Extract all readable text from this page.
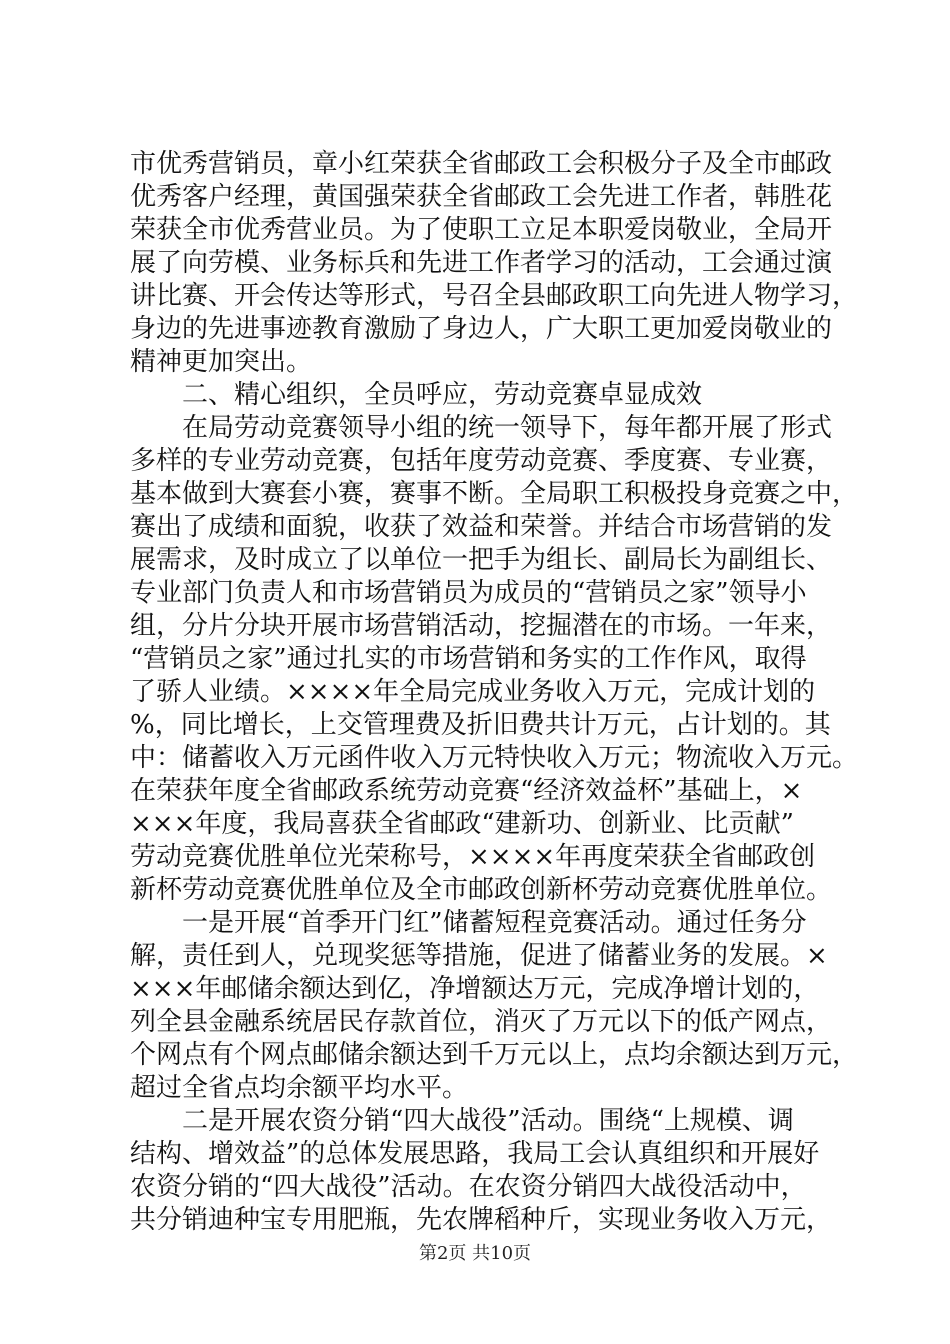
市优秀营销员，章小红荣获全省邮政工会积极分子及全市邮政
优秀客户经理，黄国强荣获全省邮政工会先进工作者，韩胜花
荣获全市优秀营业员。为了使职工立足本职爱岗敬业，全局开
展了向劳模、业务标兵和先进工作者学习的活动，工会通过演
讲比赛、开会传达等形式，号召全县邮政职工向先进人物学习，
身边的先进事迹教育激励了身边人，广大职工更加爱岗敬业的
精神更加突出。
　　二、精心组织，全员呼应，劳动竞赛卓显成效
　　在局劳动竞赛领导小组的统一领导下，每年都开展了形式
多样的专业劳动竞赛，包括年度劳动竞赛、季度赛、专业赛，
基本做到大赛套小赛，赛事不断。全局职工积极投身竞赛之中，
赛出了成绩和面貌，收获了效益和荣誉。并结合市场营销的发
展需求，及时成立了以单位一把手为组长、副局长为副组长、
专业部门负责人和市场营销员为成员的“营销员之家”领导小
组，分片分块开展市场营销活动，挖掘潜在的市场。一年来，
“营销员之家”通过扎实的市场营销和务实的工作作风，取得
了骄人业绩。××××年全局完成业务收入万元，完成计划的
%，同比增长，上交管理费及折旧费共计万元，占计划的。其
中：储蓄收入万元函件收入万元特快收入万元；物流收入万元。
在荣获年度全省邮政系统劳动竞赛“经济效益杯”基础上，×
×××年度，我局喜获全省邮政“建新功、创新业、比贡献”
劳动竞赛优胜单位光荣称号，××××年再度荣获全省邮政创
新杯劳动竞赛优胜单位及全市邮政创新杯劳动竞赛优胜单位。
　　一是开展“首季开门红”储蓄短程竞赛活动。通过任务分
解，责任到人，兑现奖惩等措施，促进了储蓄业务的发展。×
×××年邮储余额达到亿，净增额达万元，完成净增计划的，
列全县金融系统居民存款首位，消灭了万元以下的低产网点，
个网点有个网点邮储余额达到千万元以上，点均余额达到万元，
超过全省点均余额平均水平。
　　二是开展农资分销“四大战役”活动。围绕“上规模、调
结构、增效益”的总体发展思路，我局工会认真组织和开展好
农资分销的“四大战役”活动。在农资分销四大战役活动中，
共分销迪种宝专用肥瓶，先农牌稻种斤，实现业务收入万元，
第2页 共10页
